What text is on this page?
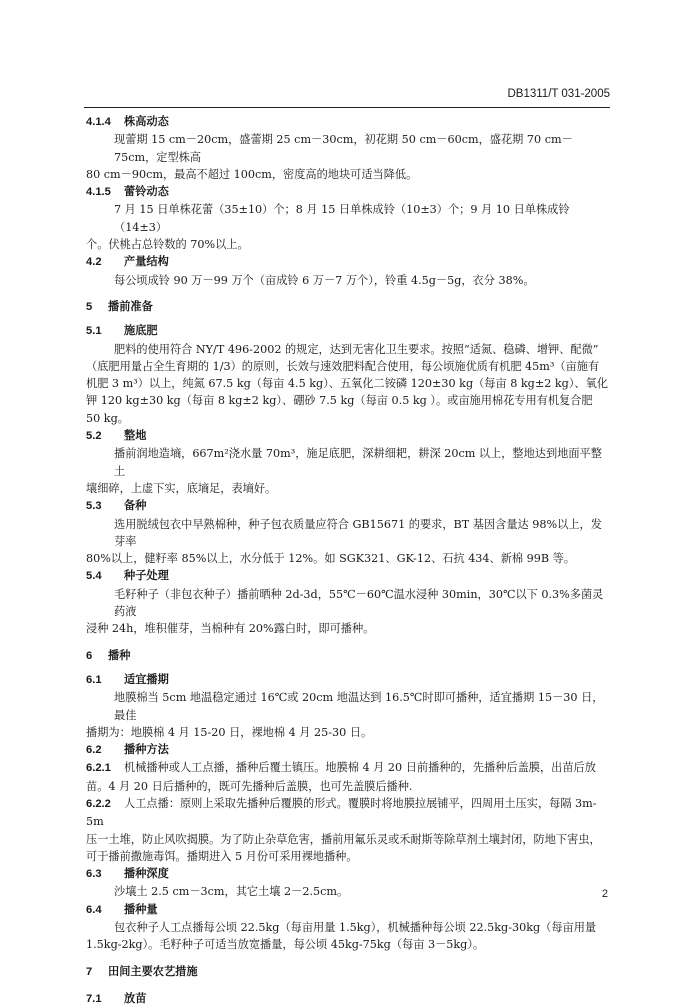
DB1311/T 031-2005

4.1.4 株高动态

现蕾期 15 cm－20cm，盛蕾期 25 cm－30cm，初花期 50 cm－60cm，盛花期 70 cm－75cm，定型株高

80 cm－90cm，最高不超过 100cm，密度高的地块可适当降低。

4.1.5 蕾铃动态

7 月 15 日单株花蕾（35±10）个；8 月 15 日单株成铃（10±3）个；9 月 10 日单株成铃（14±3）

个。伏桃占总铃数的 70%以上。

4.2 产量结构

每公顷成铃 90 万－99 万个（亩成铃 6 万－7 万个），铃重 4.5g－5g，衣分 38%。

5 播前准备

5.1 施底肥

肥料的使用符合 NY/T 496-2002 的规定，达到无害化卫生要求。按照“适氮、稳磷、增钾、配微”

（底肥用量占全生育期的 1/3）的原则，长效与速效肥料配合使用，每公顷施优质有机肥 45m³（亩施有

机肥 3 m³）以上，纯氮 67.5 kg（每亩 4.5 kg）、五氧化二铵磷 120±30 kg（每亩 8 kg±2 kg）、氧化

钾 120 kg±30 kg（每亩 8 kg±2 kg）、硼砂 7.5 kg（每亩 0.5 kg ）。或亩施用棉花专用有机复合肥

50 kg。

5.2 整地

播前润地造墒，667m²浇水量 70m³，施足底肥，深耕细耙，耕深 20cm 以上，整地达到地面平整土

壤细碎，上虚下实，底墒足，表墒好。

5.3 备种

选用脱绒包衣中早熟棉种，种子包衣质量应符合 GB15671 的要求，BT 基因含量达 98%以上，发芽率

80%以上，健籽率 85%以上，水分低于 12%。如 SGK321、GK-12、石抗 434、新棉 99B 等。

5.4 种子处理

毛籽种子（非包衣种子）播前晒种 2d-3d，55℃－60℃温水浸种 30min，30℃以下 0.3%多菌灵药液

浸种 24h，堆积催芽，当棉种有 20%露白时，即可播种。

6 播种

6.1 适宜播期

地膜棉当 5cm 地温稳定通过 16℃或 20cm 地温达到 16.5℃时即可播种，适宜播期 15－30 日，最佳

播期为：地膜棉 4 月 15-20 日，裸地棉 4 月 25-30 日。

6.2 播种方法

6.2.1 机械播种或人工点播，播种后覆土镇压。地膜棉 4 月 20 日前播种的，先播种后盖膜，出苗后放

苗。4 月 20 日后播种的，既可先播种后盖膜，也可先盖膜后播种.

6.2.2 人工点播：原则上采取先播种后覆膜的形式。覆膜时将地膜拉展铺平，四周用土压实，每隔 3m-5m

压一土堆，防止风吹揭膜。为了防止杂草危害，播前用氟乐灵或禾耐斯等除草剂土壤封闭，防地下害虫，

可于播前撒施毒饵。播期进入 5 月份可采用裸地播种。

6.3 播种深度

沙壤土 2.5 cm－3cm，其它土壤 2－2.5cm。

6.4 播种量

包衣种子人工点播每公顷 22.5kg（每亩用量 1.5kg），机械播种每公顷 22.5kg-30kg（每亩用量

1.5kg-2kg）。毛籽种子可适当放宽播量，每公顷 45kg-75kg（每亩 3－5kg）。

7 田间主要农艺措施

7.1 放苗

2
